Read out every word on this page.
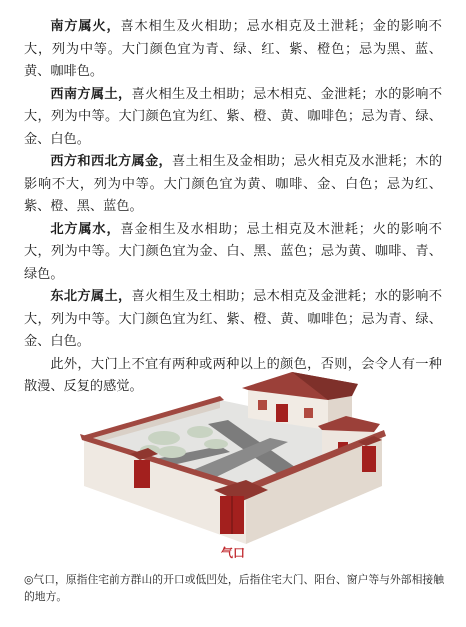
南方属火，喜木相生及火相助；忌水相克及土泄耗；金的影响不大，列为中等。大门颜色宜为青、绿、红、紫、橙色；忌为黑、蓝、黄、咖啡色。

西南方属土，喜火相生及土相助；忌木相克、金泄耗；水的影响不大，列为中等。大门颜色宜为红、紫、橙、黄、咖啡色；忌为青、绿、金、白色。

西方和西北方属金，喜土相生及金相助；忌火相克及水泄耗；木的影响不大，列为中等。大门颜色宜为黄、咖啡、金、白色；忌为红、紫、橙、黑、蓝色。

北方属水，喜金相生及水相助；忌土相克及木泄耗；火的影响不大，列为中等。大门颜色宜为金、白、黑、蓝色；忌为黄、咖啡、青、绿色。

东北方属土，喜火相生及土相助；忌木相克及金泄耗；水的影响不大，列为中等。大门颜色宜为红、紫、橙、黄、咖啡色；忌为青、绿、金、白色。

此外，大门上不宜有两种或两种以上的颜色，否则，会令人有一种散漫、反复的感觉。

气口
◎气口，原指住宅前方群山的开口或低凹处，后指住宅大门、阳台、窗户等与外部相接触的地方。
